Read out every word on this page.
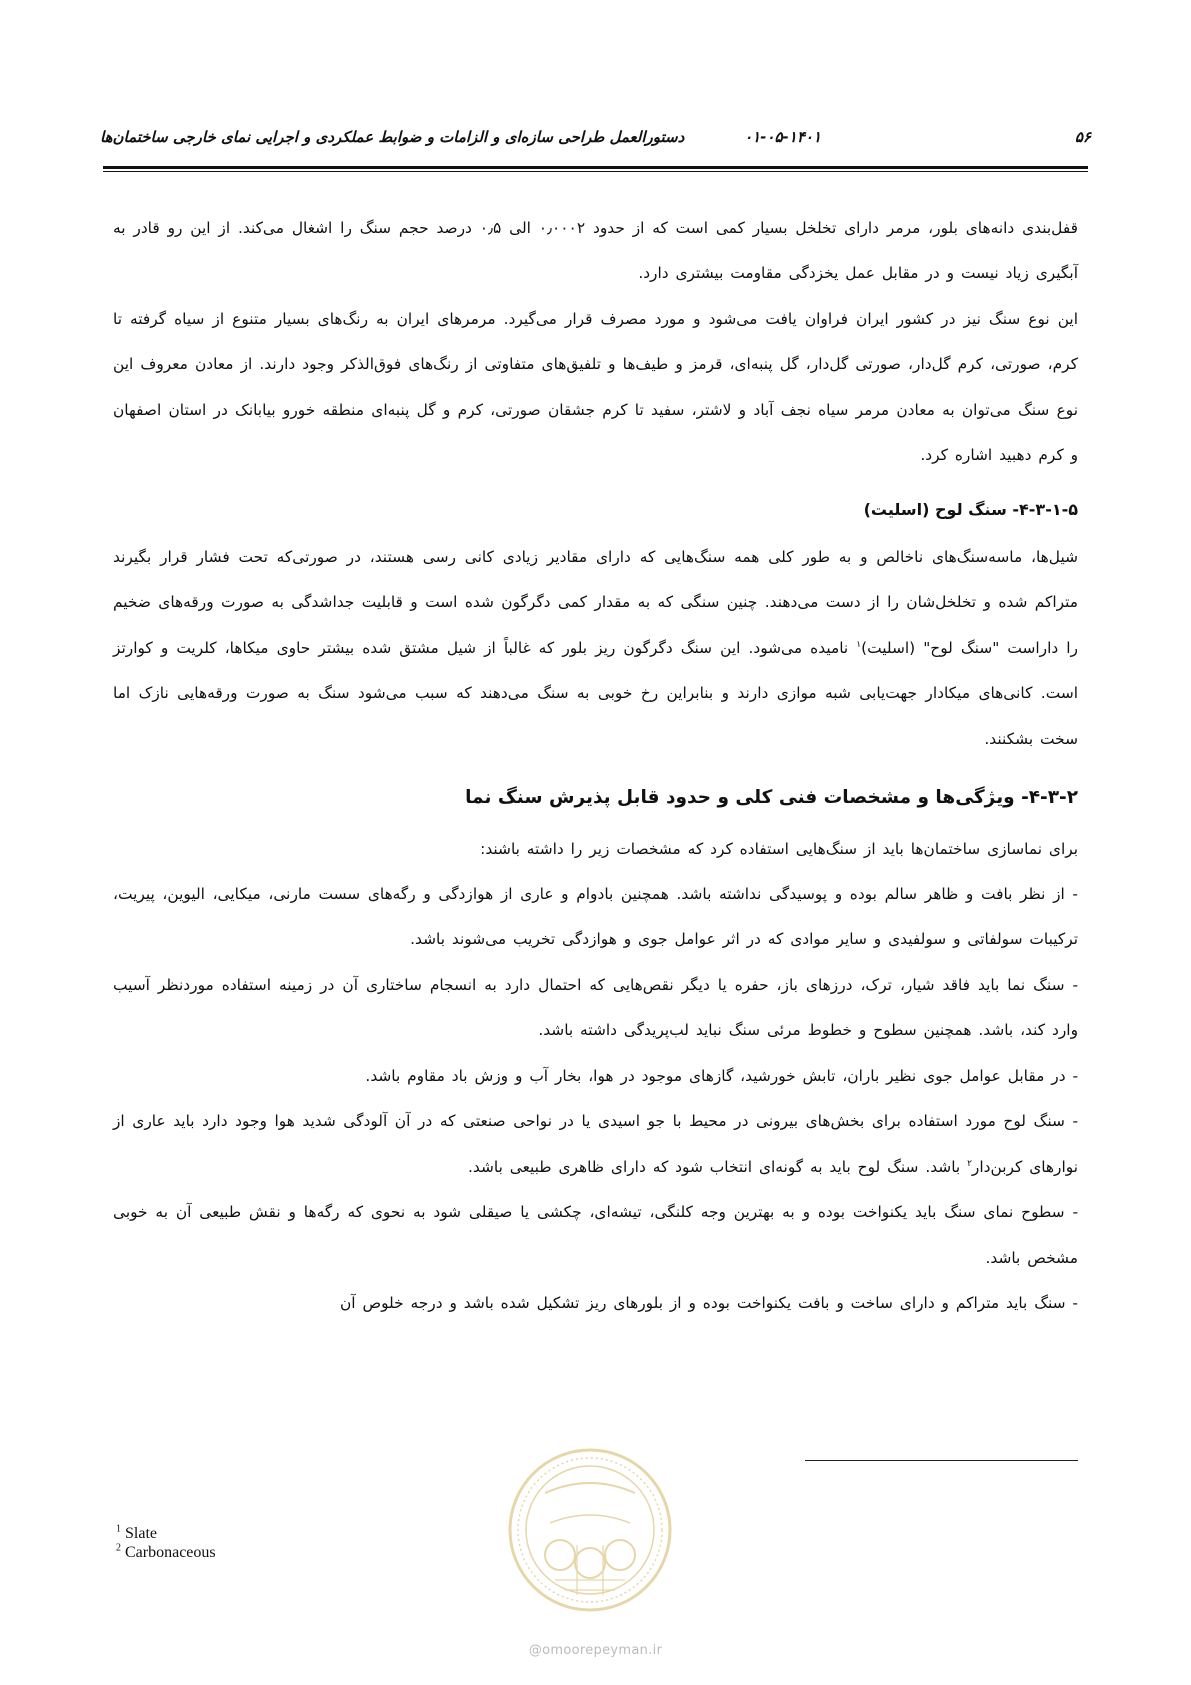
۵۶
۰۱-۰۵-۱۴۰۱
دستورالعمل طراحی سازه‌ای و الزامات و ضوابط عملکردی و اجرایی نمای خارجی ساختمان‌ها

قفل‌بندی دانه‌های بلور، مرمر دارای تخلخل بسیار کمی است که از حدود ۰٫۰۰۰۲ الی ۰٫۵ درصد حجم سنگ را اشغال می‌کند. از این رو قادر به آبگیری زیاد نیست و در مقابل عمل یخزدگی مقاومت بیشتری دارد.

این نوع سنگ نیز در کشور ایران فراوان یافت می‌شود و مورد مصرف قرار می‌گیرد. مرمرهای ایران به رنگ‌های بسیار متنوع از سیاه گرفته تا کرم، صورتی، کرم گل‌دار، صورتی گل‌دار، گل پنبه‌ای، قرمز و طیف‌ها و تلفیق‌های متفاوتی از رنگ‌های فوق‌الذکر وجود دارند. از معادن معروف این نوع سنگ می‌توان به معادن مرمر سیاه نجف آباد و لاشتر، سفید تا کرم جشقان صورتی، کرم و گل پنبه‌ای منطقه خورو بیابانک در استان اصفهان و کرم دهبید اشاره کرد.

۴-۳-۱-۵- سنگ لوح (اسلیت)

شیل‌ها، ماسه‌سنگ‌های ناخالص و به طور کلی همه سنگ‌هایی که دارای مقادیر زیادی کانی رسی هستند، در صورتی‌که تحت فشار قرار بگیرند متراکم شده و تخلخل‌شان را از دست می‌دهند. چنین سنگی که به مقدار کمی دگرگون شده است و قابلیت جداشدگی به صورت ورقه‌های ضخیم را داراست "سنگ لوح" (اسلیت)$^۱$ نامیده می‌شود. این سنگ دگرگون ریز بلور که غالباً از شیل مشتق شده بیشتر حاوی میکاها، کلریت و کوارتز است. کانی‌های میکادار جهت‌یابی شبه موازی دارند و بنابراین رخ خوبی به سنگ می‌دهند که سبب می‌شود سنگ به صورت ورقه‌هایی نازک اما سخت بشکنند.

۴-۳-۲- ویژگی‌ها و مشخصات فنی کلی و حدود قابل پذیرش سنگ نما

برای نماسازی ساختمان‌ها باید از سنگ‌هایی استفاده کرد که مشخصات زیر را داشته باشند:

- از نظر بافت و ظاهر سالم بوده و پوسیدگی نداشته باشد. همچنین بادوام و عاری از هوازدگی و رگه‌های سست مارنی، میکایی، الیوین، پیریت، ترکیبات سولفاتی و سولفیدی و سایر موادی که در اثر عوامل جوی و هوازدگی تخریب می‌شوند باشد.

- سنگ نما باید فاقد شیار، ترک، درزهای باز، حفره یا دیگر نقص‌هایی که احتمال دارد به انسجام ساختاری آن در زمینه استفاده مورد‌نظر آسیب وارد کند، باشد. همچنین سطوح و خطوط مرئی سنگ نباید لب‌پریدگی داشته باشد.

- در مقابل عوامل جوی نظیر باران، تابش خورشید، گازهای موجود در هوا، بخار آب و وزش باد مقاوم باشد.

- سنگ لوح مورد استفاده برای بخش‌های بیرونی در محیط با جو اسیدی یا در نواحی صنعتی که در آن آلودگی شدید هوا وجود دارد باید عاری از نوارهای کربن‌دار$^۲$ باشد. سنگ لوح باید به گونه‌ای انتخاب شود که دارای ظاهری طبیعی باشد.

- سطوح نمای سنگ باید یکنواخت بوده و به بهترین وجه کلنگی، تیشه‌ای، چکشی یا صیقلی شود به نحوی که رگه‌ها و نقش طبیعی آن به خوبی مشخص باشد.

- سنگ باید متراکم و دارای ساخت و بافت یکنواخت بوده و از بلورهای ریز تشکیل شده باشد و درجه خلوص آن

$^1$ Slate
$^2$ Carbonaceous
@omoorepeyman.ir
